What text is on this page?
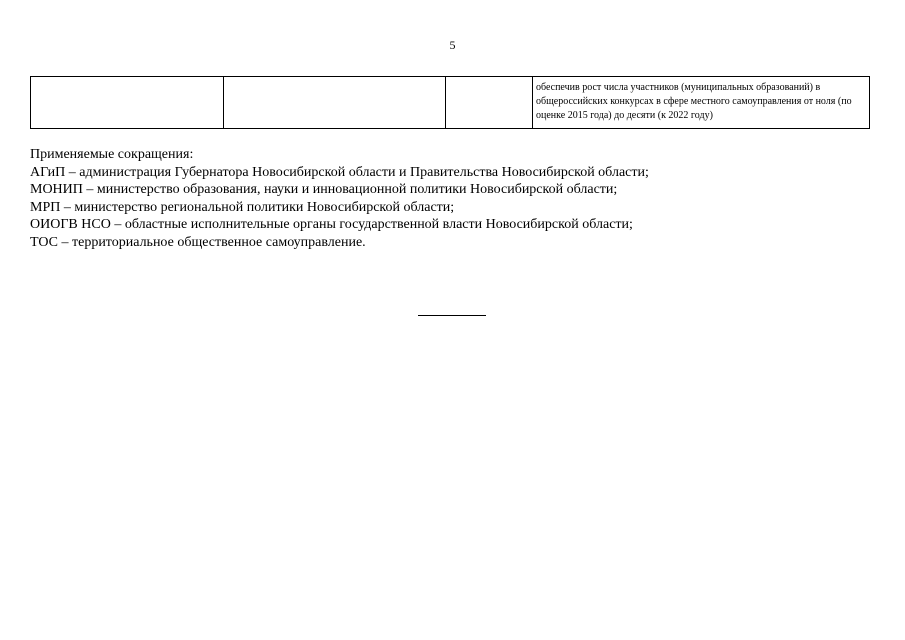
5
			обеспечив рост числа участников (муниципальных образований) в общероссийских конкурсах в сфере местного самоуправления от ноля (по оценке 2015 года) до десяти (к 2022 году)
Применяемые сокращения:
АГиП – администрация Губернатора Новосибирской области и Правительства Новосибирской области;
МОНИП – министерство образования, науки и инновационной политики Новосибирской области;
МРП – министерство региональной политики Новосибирской области;
ОИОГВ НСО – областные исполнительные органы государственной власти Новосибирской области;
ТОС – территориальное общественное самоуправление.
